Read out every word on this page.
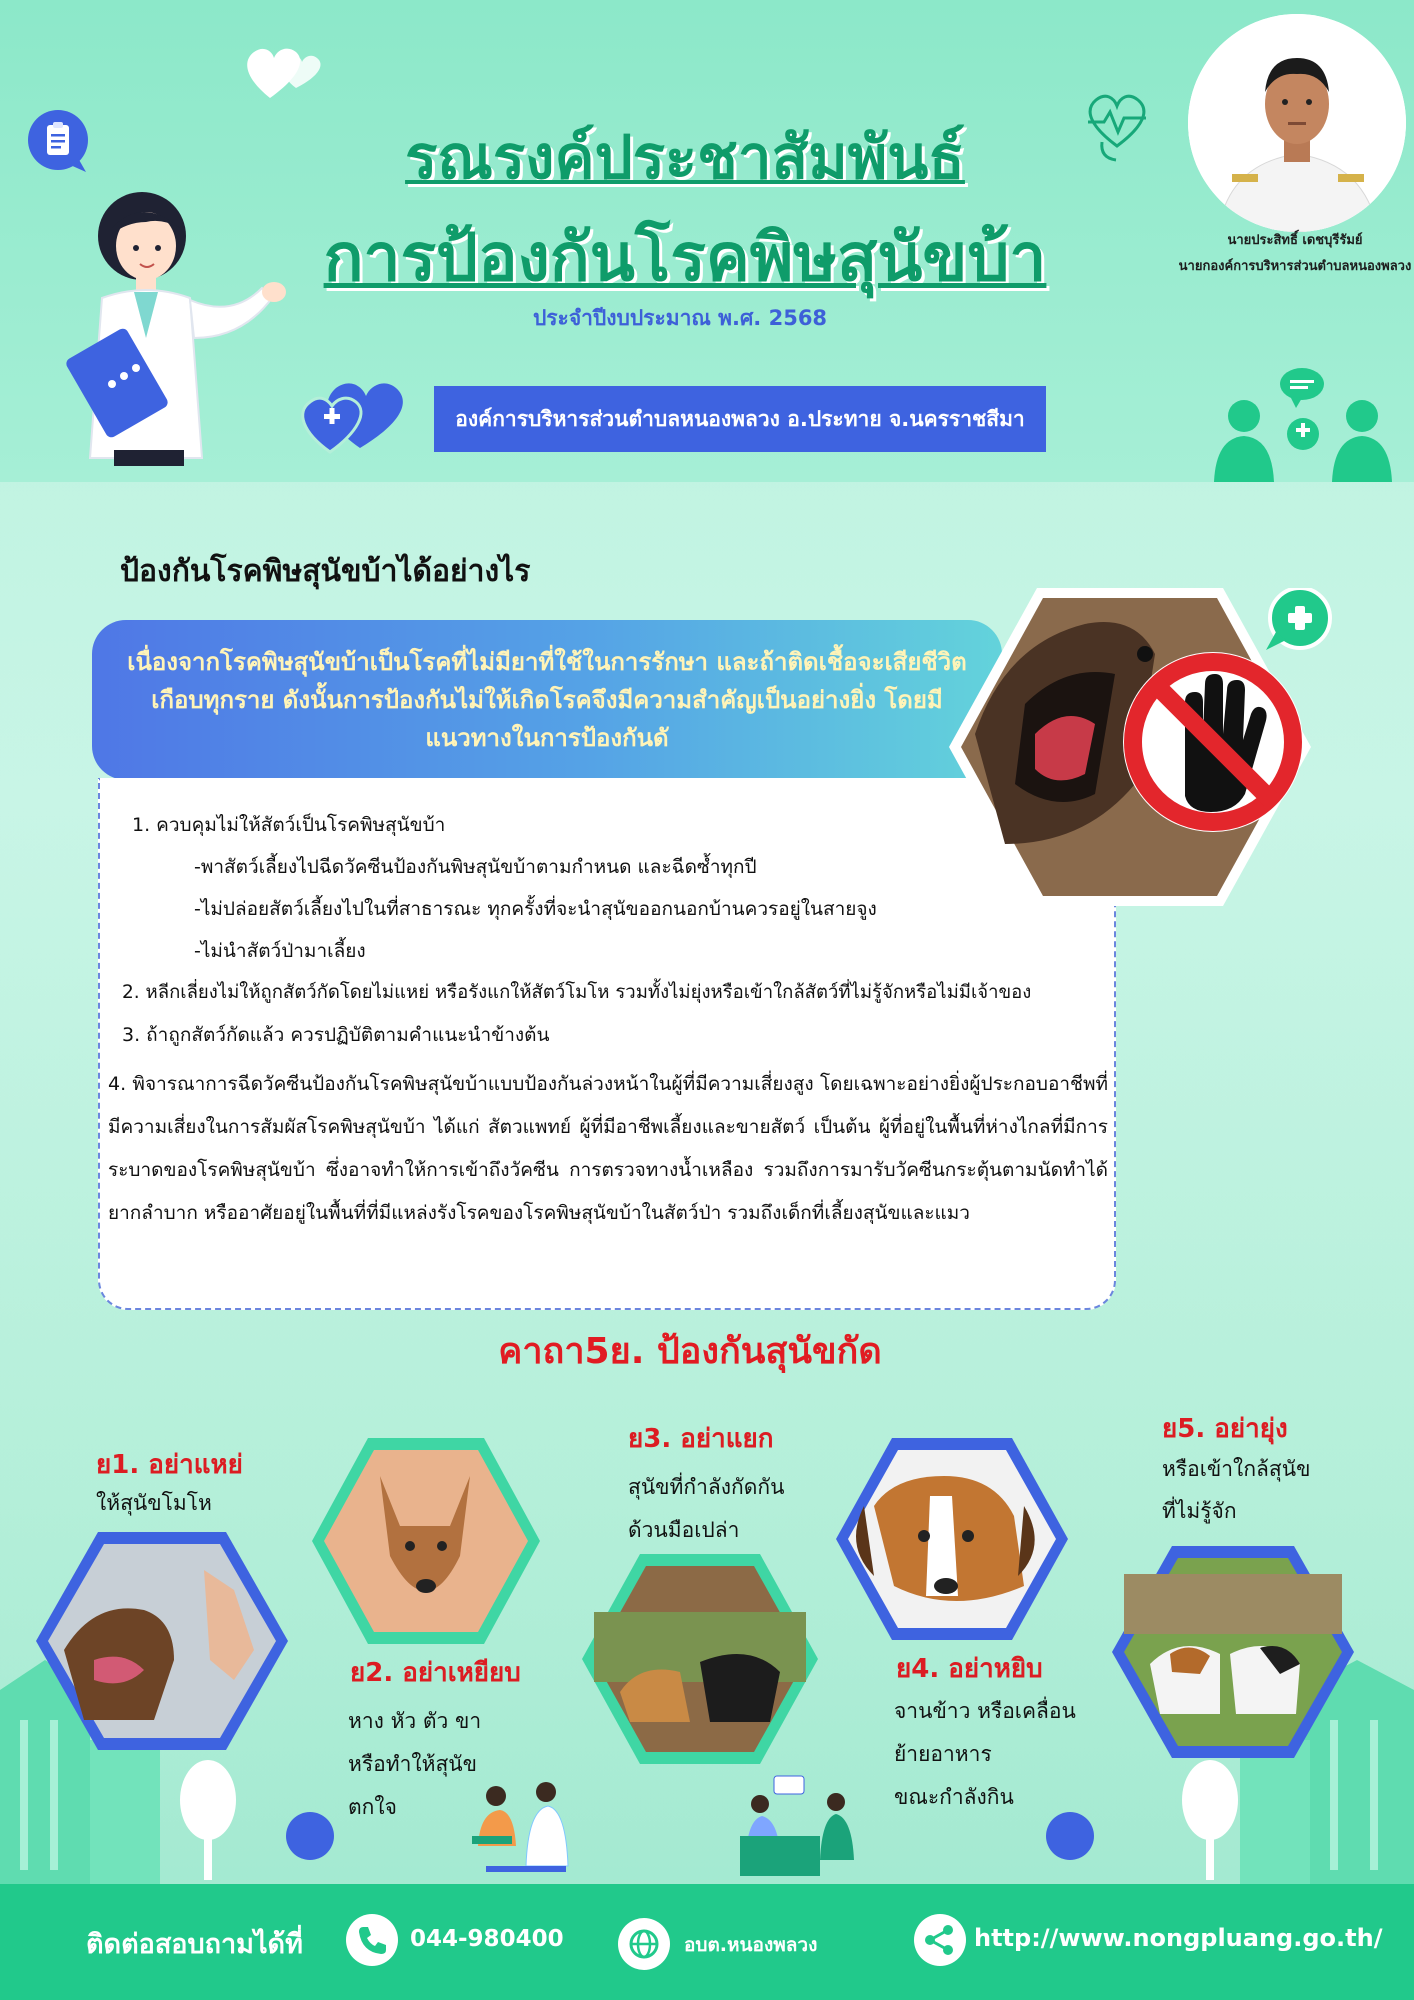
รณรงค์ประชาสัมพันธ์
การป้องกันโรคพิษสุนัขบ้า
ประจำปีงบประมาณ พ.ศ. 2568
องค์การบริหารส่วนตำบลหนองพลวง อ.ประทาย จ.นครราชสีมา
นายประสิทธิ์ เดชบุรีรัมย์
นายกองค์การบริหารส่วนตำบลหนองพลวง
ป้องกันโรคพิษสุนัขบ้าได้อย่างไร
เนื่องจากโรคพิษสุนัขบ้าเป็นโรคที่ไม่มียาที่ใช้ในการรักษา และถ้าติดเชื้อจะเสียชีวิตเกือบทุกราย ดังนั้นการป้องกันไม่ให้เกิดโรคจึงมีความสำคัญเป็นอย่างยิ่ง โดยมีแนวทางในการป้องกันดั
1. ควบคุมไม่ให้สัตว์เป็นโรคพิษสุนัขบ้า
-พาสัตว์เลี้ยงไปฉีดวัคซีนป้องกันพิษสุนัขบ้าตามกำหนด และฉีดซ้ำทุกปี
-ไม่ปล่อยสัตว์เลี้ยงไปในที่สาธารณะ ทุกครั้งที่จะนำสุนัขออกนอกบ้านควรอยู่ในสายจูง
-ไม่นำสัตว์ป่ามาเลี้ยง
2. หลีกเลี่ยงไม่ให้ถูกสัตว์กัดโดยไม่แหย่ หรือรังแกให้สัตว์โมโห รวมทั้งไม่ยุ่งหรือเข้าใกล้สัตว์ที่ไม่รู้จักหรือไม่มีเจ้าของ
3. ถ้าถูกสัตว์กัดแล้ว ควรปฏิบัติตามคำแนะนำข้างต้น
4. พิจารณาการฉีดวัคซีนป้องกันโรคพิษสุนัขบ้าแบบป้องกันล่วงหน้าในผู้ที่มีความเสี่ยงสูง โดยเฉพาะอย่างยิ่งผู้ประกอบอาชีพที่มีความเสี่ยงในการสัมผัสโรคพิษสุนัขบ้า ได้แก่ สัตวแพทย์ ผู้ที่มีอาชีพเลี้ยงและขายสัตว์ เป็นต้น ผู้ที่อยู่ในพื้นที่ห่างไกลที่มีการระบาดของโรคพิษสุนัขบ้า ซึ่งอาจทำให้การเข้าถึงวัคซีน การตรวจทางน้ำเหลือง รวมถึงการมารับวัคซีนกระตุ้นตามนัดทำได้ยากลำบาก หรืออาศัยอยู่ในพื้นที่ที่มีแหล่งรังโรคของโรคพิษสุนัขบ้าในสัตว์ป่า รวมถึงเด็กที่เลี้ยงสุนัขและแมว
คาถา5ย. ป้องกันสุนัขกัด
ย1. อย่าแหย่
ให้สุนัขโมโห
ย2. อย่าเหยียบ
หาง หัว ตัว ขา
หรือทำให้สุนัข
ตกใจ
ย3. อย่าแยก
สุนัขที่กำลังกัดกัน
ด้วนมือเปล่า
ย4. อย่าหยิบ
จานข้าว หรือเคลื่อน
ย้ายอาหาร
ขณะกำลังกิน
ย5. อย่ายุ่ง
หรือเข้าใกล้สุนัข
ที่ไม่รู้จัก
ติดต่อสอบถามได้ที่	044-980400	อบต.หนองพลวง	http://www.nongpluang.go.th/
